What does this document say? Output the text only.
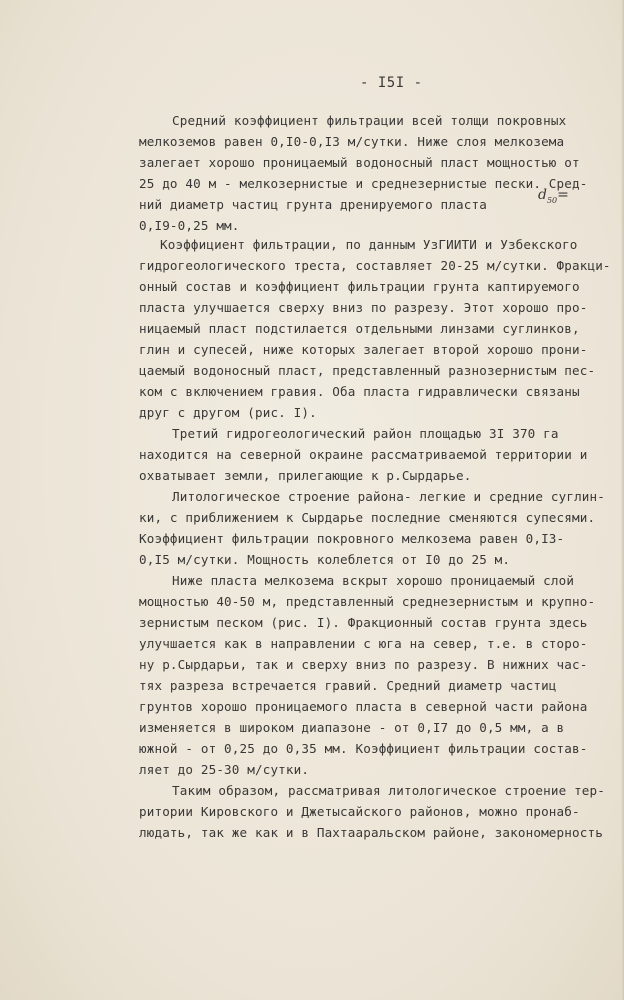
- I5I -
$d_{50}=$
Средний коэффициент фильтрации всей толщи покровных
мелкоземов равен 0,I0-0,I3 м/сутки. Ниже слоя мелкозема
залегает хорошо проницаемый водоносный пласт мощностью от
25 до 40 м - мелкозернистые и среднезернистые пески. Сред-
ний диаметр частиц грунта дренируемого пласта
0,I9-0,25 мм.
Коэффициент фильтрации, по данным УзГИИТИ и Узбекского
гидрогеологического треста, составляет 20-25 м/сутки. Фракци-
онный состав и коэффициент фильтрации грунта каптируемого
пласта улучшается сверху вниз по разрезу. Этот хорошо про-
ницаемый пласт подстилается отдельными линзами суглинков,
глин и супесей, ниже которых залегает второй хорошо прони-
цаемый водоносный пласт, представленный разнозернистым пес-
ком с включением гравия. Оба пласта гидравлически связаны
друг с другом (рис. I).
Третий гидрогеологический район площадью 3I 370 га
находится на северной окраине рассматриваемой территории и
охватывает земли, прилегающие к р.Сырдарье.
Литологическое строение района- легкие и средние суглин-
ки, с приближением к Сырдарье последние сменяются супесями.
Коэффициент фильтрации покровного мелкозема равен 0,I3-
0,I5 м/сутки. Мощность колеблется от I0 до 25 м.
Ниже пласта мелкозема вскрыт хорошо проницаемый слой
мощностью 40-50 м, представленный среднезернистым и крупно-
зернистым песком (рис. I). Фракционный состав грунта здесь
улучшается как в направлении с юга на север, т.е. в сторо-
ну р.Сырдарьи, так и сверху вниз по разрезу. В нижних час-
тях разреза встречается гравий. Средний диаметр частиц
грунтов хорошо проницаемого пласта в северной части района
изменяется в широком диапазоне - от 0,I7 до 0,5 мм, а в
южной - от 0,25 до 0,35 мм. Коэффициент фильтрации состав-
ляет до 25-30 м/сутки.
Таким образом, рассматривая литологическое строение тер-
ритории Кировского и Джетысайского районов, можно пронаб-
людать, так же как и в Пахтааральском районе, закономерность
